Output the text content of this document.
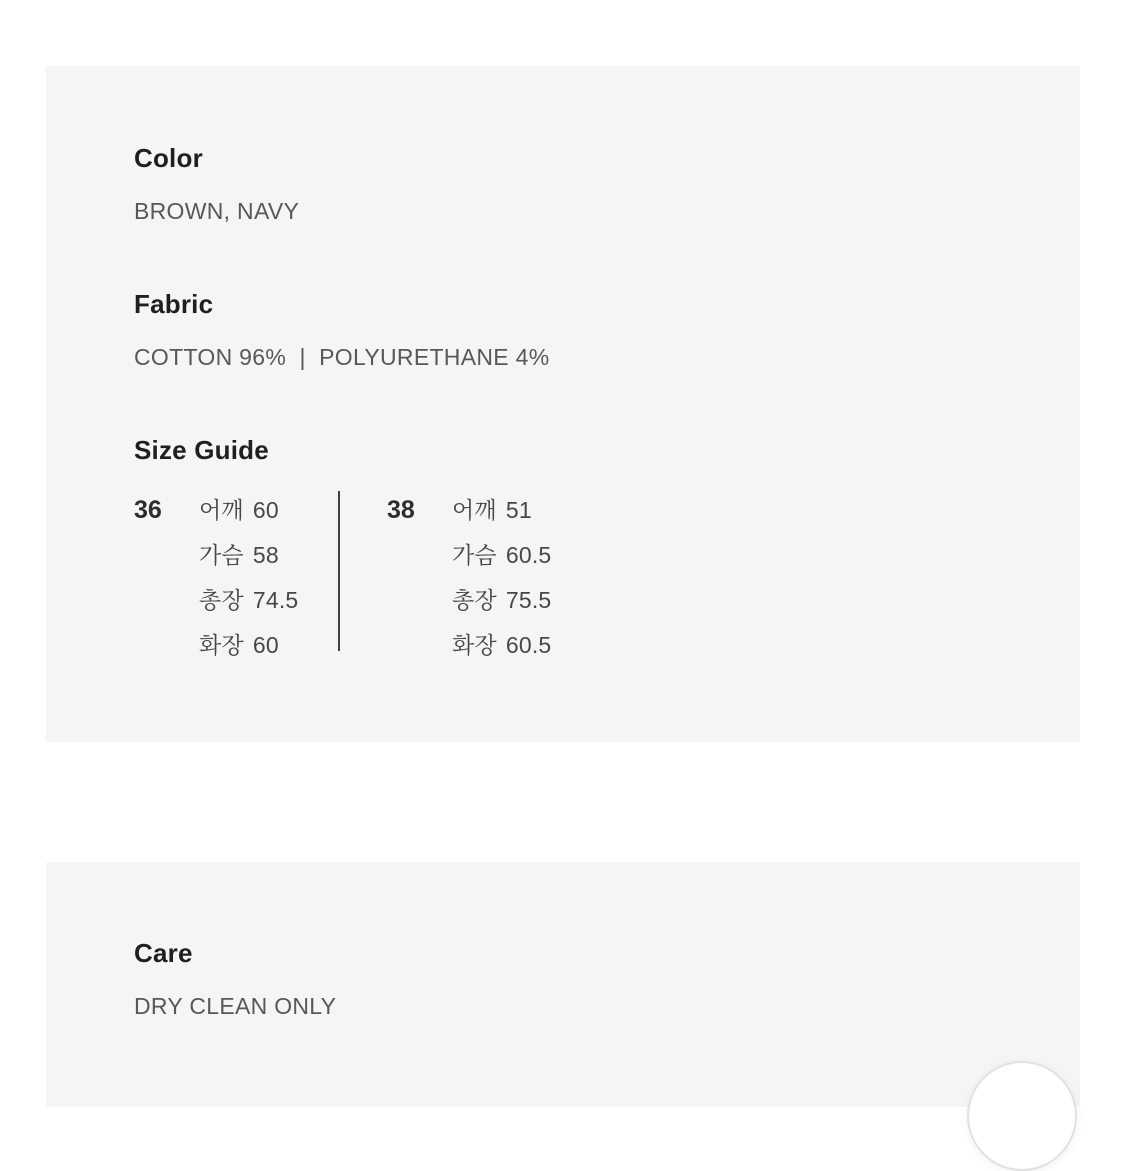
Color

BROWN, NAVY

Fabric

COTTON 96%  |  POLYURETHANE 4%

Size Guide
36	어깨 60
가슴 58
총장 74.5
화장 60
38	어깨 51
가슴 60.5
총장 75.5
화장 60.5
Care

DRY CLEAN ONLY
